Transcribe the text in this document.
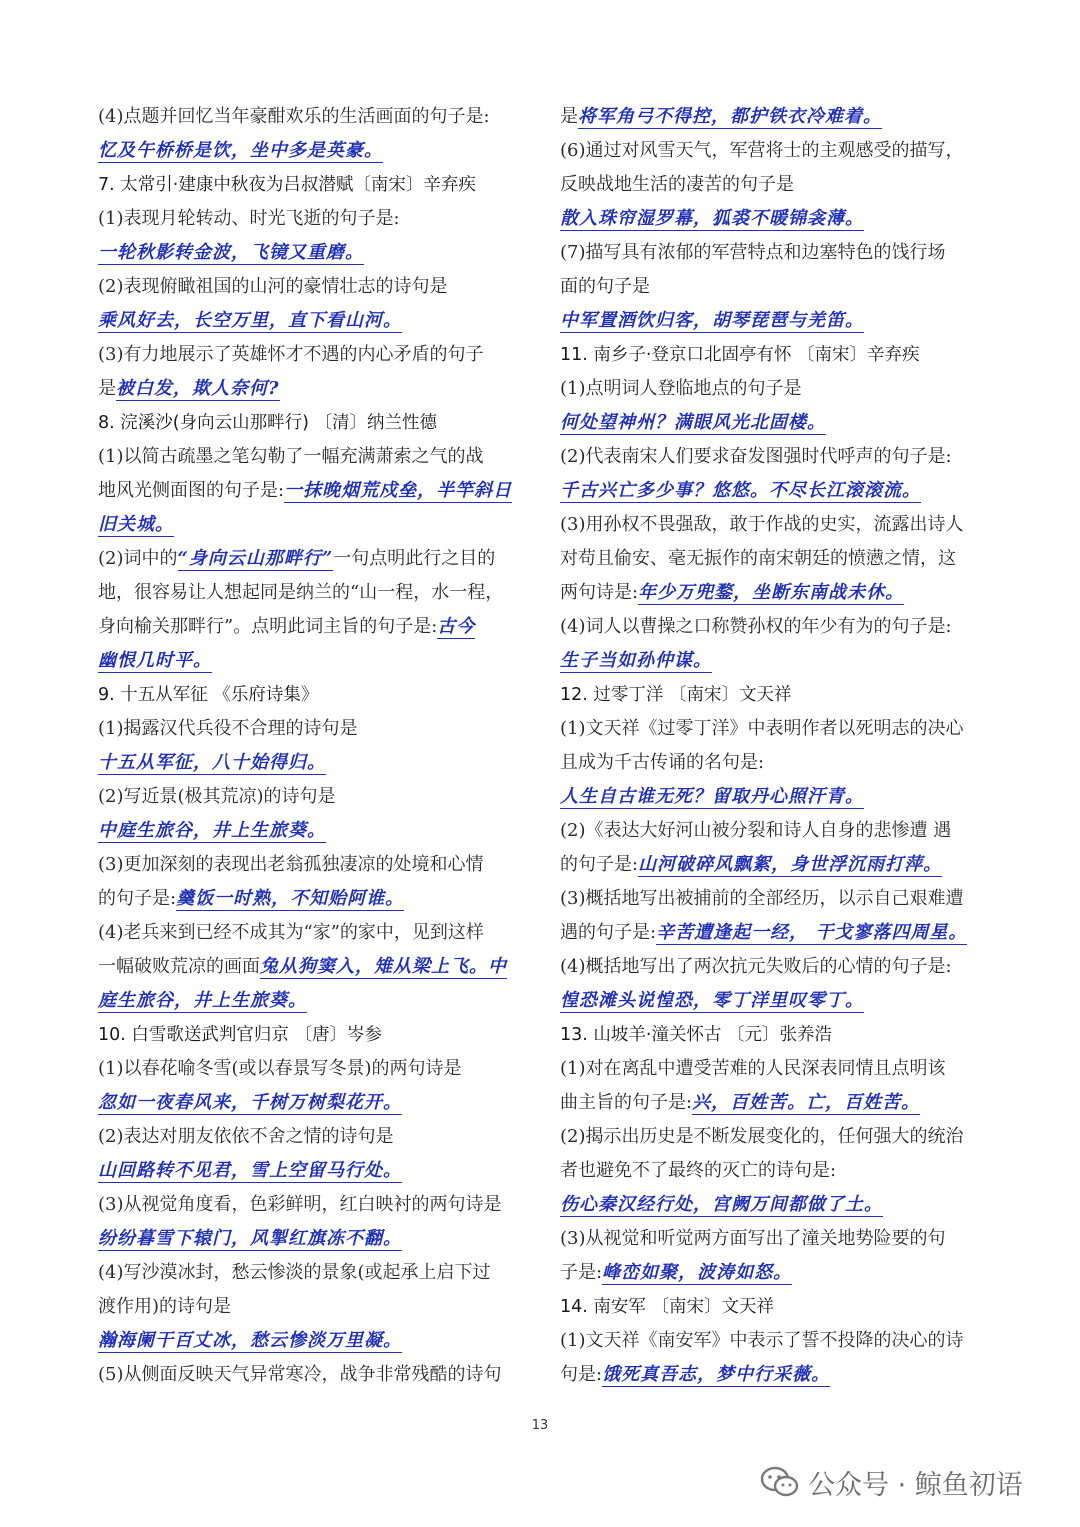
(4)点题并回忆当年豪酣欢乐的生活画面的句子是:
忆及午桥桥是饮，坐中多是英豪。
7. 太常引·建康中秋夜为吕叔潜赋〔南宋〕辛弃疾
(1)表现月轮转动、时光飞逝的句子是:
一轮秋影转金波，飞镜又重磨。
(2)表现俯瞰祖国的山河的豪情壮志的诗句是
乘风好去，长空万里，直下看山河。
(3)有力地展示了英雄怀才不遇的内心矛盾的句子
是被白发，欺人奈何?
8. 浣溪沙(身向云山那畔行) 〔清〕纳兰性德
(1)以简古疏墨之笔勾勒了一幅充满萧索之气的战
地风光侧面图的句子是:一抹晚烟荒戍垒，半竿斜日
旧关城。
(2)词中的“身向云山那畔行”一句点明此行之目的
地，很容易让人想起同是纳兰的“山一程，水一程，
身向榆关那畔行”。点明此词主旨的句子是:古今
幽恨几时平。
9. 十五从军征 《乐府诗集》
(1)揭露汉代兵役不合理的诗句是
十五从军征，八十始得归。
(2)写近景(极其荒凉)的诗句是
中庭生旅谷，井上生旅葵。
(3)更加深刻的表现出老翁孤独凄凉的处境和心情
的句子是:羹饭一时熟，不知贻阿谁。
(4)老兵来到已经不成其为“家”的家中，见到这样
一幅破败荒凉的画面兔从狗窦入，雉从梁上飞。中
庭生旅谷，井上生旅葵。
10. 白雪歌送武判官归京 〔唐〕岑参
(1)以春花喻冬雪(或以春景写冬景)的两句诗是
忽如一夜春风来，千树万树梨花开。
(2)表达对朋友依依不舍之情的诗句是
山回路转不见君，雪上空留马行处。
(3)从视觉角度看，色彩鲜明，红白映衬的两句诗是
纷纷暮雪下辕门，风掣红旗冻不翻。
(4)写沙漠冰封，愁云惨淡的景象(或起承上启下过
渡作用)的诗句是
瀚海阑干百丈冰，愁云惨淡万里凝。
(5)从侧面反映天气异常寒冷，战争非常残酷的诗句
是将军角弓不得控，都护铁衣冷难着。
(6)通过对风雪天气，军营将士的主观感受的描写，
反映战地生活的凄苦的句子是
散入珠帘湿罗幕，狐裘不暖锦衾薄。
(7)描写具有浓郁的军营特点和边塞特色的饯行场
面的句子是
中军置酒饮归客，胡琴琵琶与羌笛。
11. 南乡子·登京口北固亭有怀 〔南宋〕辛弃疾
(1)点明词人登临地点的句子是
何处望神州？满眼风光北固楼。
(2)代表南宋人们要求奋发图强时代呼声的句子是:
千古兴亡多少事？悠悠。不尽长江滚滚流。
(3)用孙权不畏强敌，敢于作战的史实，流露出诗人
对苟且偷安、毫无振作的南宋朝廷的愤懑之情，这
两句诗是:年少万兜鍪，坐断东南战未休。
(4)词人以曹操之口称赞孙权的年少有为的句子是:
生子当如孙仲谋。
12. 过零丁洋 〔南宋〕文天祥
(1)文天祥《过零丁洋》中表明作者以死明志的决心
且成为千古传诵的名句是:
人生自古谁无死？留取丹心照汗青。
(2)《表达大好河山被分裂和诗人自身的悲惨遭 遇
的句子是:山河破碎风飘絮，身世浮沉雨打萍。
(3)概括地写出被捕前的全部经历，以示自己艰难遭
遇的句子是:辛苦遭逢起一经， 干戈寥落四周星。
(4)概括地写出了两次抗元失败后的心情的句子是:
惶恐滩头说惶恐，零丁洋里叹零丁。
13. 山坡羊·潼关怀古 〔元〕张养浩
(1)对在离乱中遭受苦难的人民深表同情且点明该
曲主旨的句子是:兴，百姓苦。亡，百姓苦。
(2)揭示出历史是不断发展变化的，任何强大的统治
者也避免不了最终的灭亡的诗句是:
伤心秦汉经行处，宫阙万间都做了土。
(3)从视觉和听觉两方面写出了潼关地势险要的句
子是:峰峦如聚，波涛如怒。
14. 南安军 〔南宋〕文天祥
(1)文天祥《南安军》中表示了誓不投降的决心的诗
句是:饿死真吾志，梦中行采薇。
13
公众号 · 鲸鱼初语
